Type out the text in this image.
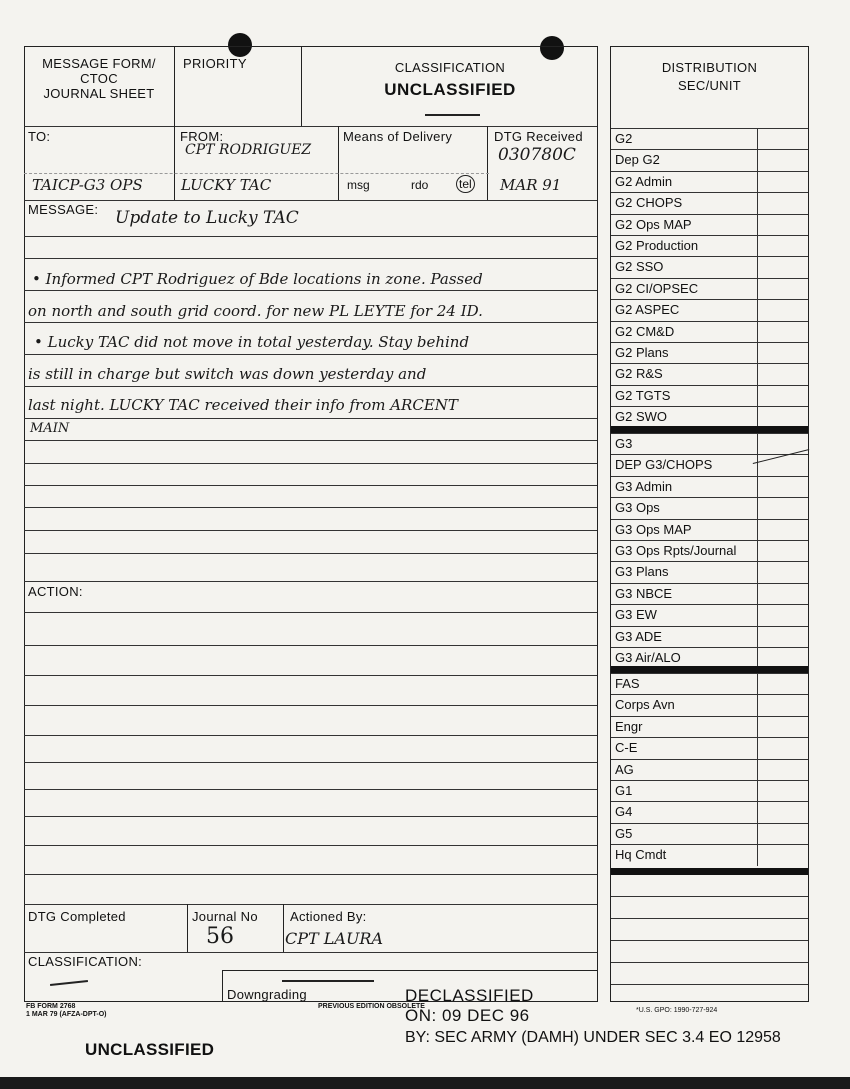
MESSAGE FORM/
CTOC
JOURNAL SHEET
PRIORITY	CLASSIFICATION
UNCLASSIFIED
TO:
TAICP-G3 OPS
FROM:
CPT RODRIGUEZ
LUCKY TAC
Means of Delivery
msg	rdo	tel
DTG Received
030780C
MAR 91
MESSAGE: Update to Lucky TAC
• Informed CPT Rodriguez of Bde locations in zone. Passed
on north and south grid coord. for new PL LEYTE for 24 ID.
• Lucky TAC did not move in total yesterday. Stay behind
is still in charge but switch was down yesterday and
last night. LUCKY TAC received their info from ARCENT
MAIN
ACTION:
DTG Completed	Journal No
56
Actioned By:
CPT LAURA
CLASSIFICATION:
Downgrading
FB FORM 2768
1 MAR 79 (AFZA-DPT-O)
PREVIOUS EDITION OBSOLETE
*U.S. GPO: 1990-727-924
DECLASSIFIED
ON: 09 DEC 96
BY: SEC ARMY (DAMH) UNDER SEC 3.4 EO 12958
UNCLASSIFIED
DISTRIBUTION
SEC/UNIT
G2
Dep G2
G2 Admin
G2 CHOPS
G2 Ops MAP
G2 Production
G2 SSO
G2 CI/OPSEC
G2 ASPEC
G2 CM&D
G2 Plans
G2 R&S
G2 TGTS
G2 SWO
G3
DEP G3/CHOPS
G3 Admin
G3 Ops
G3 Ops MAP
G3 Ops Rpts/Journal
G3 Plans
G3 NBCE
G3 EW
G3 ADE
G3 Air/ALO
FAS
Corps Avn
Engr
C-E
AG
G1
G4
G5
Hq Cmdt
